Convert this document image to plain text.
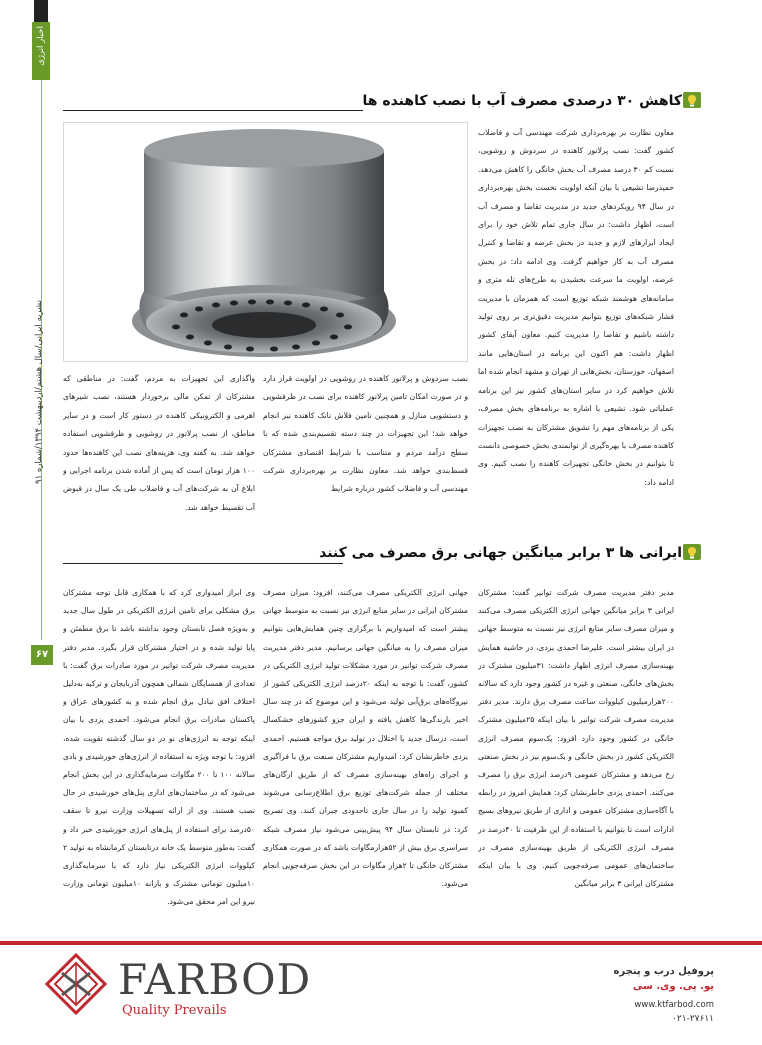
اخبار انرژی
نشریه ایرانی/سال هشتم/اردیبهشت ۱۳۹۴/شماره ۹۱
۶۷
کاهش ۳۰ درصدی مصرف آب با نصب کاهنده ها

معاون نظارت بر بهره‌برداری شرکت مهندسی آب و فاضلاب کشور گفت: نصب پرلاتور کاهنده در سردوش و روشویی، نسبت کم ۳۰ درصد مصرف آب بخش خانگی را کاهش می‌دهد. حمیدرضا تشیعی با بیان آنکه اولویت نخست بخش بهره‌برداری در سال ۹۴ رویکردهای جدید در مدیریت تقاضا و مصرف آب است، اظهار داشت: در سال جاری تمام تلاش خود را برای ایجاد ابزارهای لازم و جدید در بخش عرضه و تقاضا و کنترل مصرف آب به کار خواهیم گرفت. وی ادامه داد: در بخش عرضه، اولویت ما سرعت بخشیدن به طرح‌های تله متری و سامانه‌های هوشمند شبکه توزیع است که همزمان با مدیریت فشار شبکه‌های توزیع بتوانیم مدیریت دقیق‌تری بر روی تولید داشته باشیم و تقاضا را مدیریت کنیم. معاون آبفای کشور اظهار داشت: هم اکنون این برنامه در استان‌هایی مانند اصفهان، خوزستان، بخش‌هایی از تهران و مشهد انجام شده اما تلاش خواهیم کرد در سایر استان‌های کشور نیز این برنامه عملیاتی شود. تشیعی با اشاره به برنامه‌های بخش مصرف، یکی از برنامه‌های مهم را تشویق مشترکان به نصب تجهیزات کاهنده مصرف با بهره‌گیری از توانمندی بخش خصوصی دانست تا بتوانیم در بخش خانگی تجهیزات کاهنده را نصب کنیم. وی ادامه داد:

نصب سردوش و پرلاتور کاهنده در روشویی در اولویت قرار دارد و در صورت امکان تامین پرلاتور کاهنده برای نصب در ظرفشویی و دستشویی منازل و همچنین تامین فلاش تانک کاهنده نیز انجام خواهد شد؛ این تجهیزات در چند دسته تقسیم‌بندی شده که با سطح درآمد مردم و متناسب با شرایط اقتصادی مشترکان قسط‌بندی خواهد شد. معاون نظارت بر بهره‌برداری شرکت مهندسی آب و فاضلاب کشور درباره شرایط

واگذاری این تجهیزات به مردم، گفت: در مناطقی که مشترکان از تمکن مالی برخوردار هستند، نصب شیرهای اهرمی و الکترونیکی کاهنده در دستور کار است و در سایر مناطق، از نصب پرلاتور در روشویی و ظرفشویی استفاده خواهد شد. به گفته وی، هزینه‌های نصب این کاهنده‌ها حدود ۱۰۰ هزار تومان است که پس از آماده شدن برنامه اجرایی و ابلاغ آن به شرکت‌های آب و فاضلاب طی یک سال در قبوض آب تقسیط خواهد شد.

ایرانی ها ۳ برابر میانگین جهانی برق مصرف می کنند

مدیر دفتر مدیریت مصرف شرکت توانیر گفت: مشترکان ایرانی ۳ برابر میانگین جهانی انرژی الکتریکی مصرف می‌کنند و میزان مصرف سایر منابع انرژی نیز نسبت به متوسط جهانی در ایران بیشتر است. علیرضا احمدی یزدی، در حاشیه همایش بهینه‌سازی مصرف انرژی اظهار داشت: ۳۱میلیون مشترک در بخش‌های خانگی، صنعتی و غیره در کشور وجود دارد که سالانه ۲۰۰هزارمیلیون کیلووات ساعت مصرف برق دارند. مدیر دفتر مدیریت مصرف شرکت توانیر با بیان اینکه ۲۵میلیون مشترک خانگی در کشور وجود دارد افزود: یک‌سوم مصرف انرژی الکتریکی کشور در بخش خانگی و یک‌سوم نیز در بخش صنعتی رخ می‌دهد و مشترکان عمومی ۹درصد انرژی برق را مصرف می‌کنند. احمدی یزدی خاطرنشان کرد: همایش امروز در رابطه با آگاه‌سازی مشترکان عمومی و اداری از طریق نیروهای بسیج ادارات است تا بتوانیم با استفاده از این ظرفیت تا ۴۰درصد در مصرف انرژی الکتریکی از طریق بهینه‌سازی مصرف در ساختمان‌های عمومی صرفه‌جویی کنیم. وی با بیان اینکه مشترکان ایرانی ۳ برابر میانگین

جهانی انرژی الکتریکی مصرف می‌کنند، افزود: میزان مصرف مشترکان ایرانی در سایر منابع انرژی نیز نسبت به متوسط جهانی بیشتر است که امیدواریم با برگزاری چنین همایش‌هایی بتوانیم میزان مصرف را به میانگین جهانی برسانیم. مدیر دفتر مدیریت مصرف شرکت توانیر در مورد مشکلات تولید انرژی الکتریکی در کشور، گفت: با توجه به اینکه ۲۰درصد انرژی الکتریکی کشور از نیروگاه‌های برق‌آبی تولید می‌شود و این موضوع که در چند سال اخیر بارندگی‌ها کاهش یافته و ایران جزو کشورهای خشکسال است، درسال جدید با اختلال در تولید برق مواجه هستیم. احمدی یزدی خاطرنشان کرد: امیدواریم مشترکان صنعت برق با فراگیری و اجرای راه‌های بهینه‌سازی مصرف که از طریق ارگان‌های مختلف از جمله شرکت‌های توزیع برق اطلاع‌رسانی می‌شوند کمبود تولید را در سال جاری تاحدودی جبران کنند. وی تصریح کرد: در تابستان سال ۹۴ پیش‌بینی می‌شود نیاز مصرف شبکه سراسری برق بیش از ۵۲هزارمگاوات باشد که در صورت همکاری مشترکان خانگی تا ۲هزار مگاوات در این بخش صرفه‌جویی انجام می‌شود.

وی ابراز امیدواری کرد که با همکاری قابل توجه مشترکان برق مشکلی برای تامین انرژی الکتریکی در طول سال جدید و به‌ویژه فصل تابستان وجود نداشته باشد تا برق مطمئن و پایا تولید شده و در اختیار مشترکان قرار بگیرد. مدیر دفتر مدیریت مصرف شرکت توانیر در مورد صادرات برق گفت: با تعدادی از همسایگان شمالی همچون آذربایجان و ترکیه به‌دلیل اختلاف افق تبادل برق انجام شده و به کشورهای عراق و پاکستان صادرات برق انجام می‌شود. احمدی یزدی با بیان اینکه توجه به انرژی‌های نو در دو سال گذشته تقویت شده، افزود: با توجه ویژه به استفاده از انرژی‌های خورشیدی و بادی سالانه ۱۰۰ تا ۲۰۰ مگاوات سرمایه‌گذاری در این بخش انجام می‌شود که در ساختمان‌های اداری پنل‌های خورشیدی در حال نصب هستند. وی از ارائه تسهیلات وزارت نیرو تا سقف ۵۰درصد برای استفاده از پنل‌های انرژی خورشیدی خبر داد و گفت: به‌طور متوسط یک خانه درتابستان کرمانشاه به تولید ۲ کیلووات انرژی الکتریکی نیاز دارد که با سرمایه‌گذاری ۱۰میلیون تومانی مشترک و یارانه ۱۰میلیون تومانی وزارت نیرو این امر محقق می‌شود.

FARBOD
Quality Prevails
پروفیل درب و پنجره
یو. پی. وی. سی
www.ktfarbod.com
۰۲۱-۲۷۶۱۱
